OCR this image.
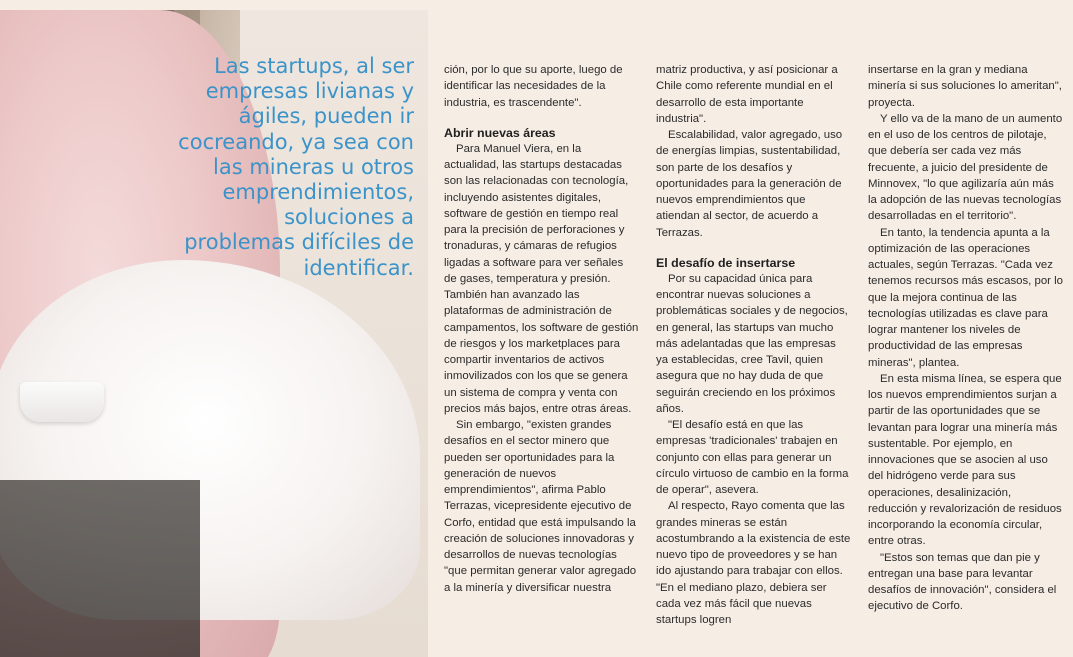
Las startups, al ser empresas livianas y ágiles, pueden ir cocreando, ya sea con las mineras u otros emprendimientos, soluciones a problemas difíciles de identificar.

ción, por lo que su aporte, luego de identificar las necesidades de la industria, es trascendente".

Abrir nuevas áreas

Para Manuel Viera, en la actualidad, las startups destacadas son las relacionadas con tecnología, incluyendo asistentes digitales, software de gestión en tiempo real para la precisión de perforaciones y tronaduras, y cámaras de refugios ligadas a software para ver señales de gases, temperatura y presión. También han avanzado las plataformas de administración de campamentos, los software de gestión de riesgos y los marketplaces para compartir inventarios de activos inmovilizados con los que se genera un sistema de compra y venta con precios más bajos, entre otras áreas.

Sin embargo, "existen grandes desafíos en el sector minero que pueden ser oportunidades para la generación de nuevos emprendimientos", afirma Pablo Terrazas, vicepresidente ejecutivo de Corfo, entidad que está impulsando la creación de soluciones innovadoras y desarrollos de nuevas tecnologías "que permitan generar valor agregado a la minería y diversificar nuestra

matriz productiva, y así posicionar a Chile como referente mundial en el desarrollo de esta importante industria".

Escalabilidad, valor agregado, uso de energías limpias, sustentabilidad, son parte de los desafíos y oportunidades para la generación de nuevos emprendimientos que atiendan al sector, de acuerdo a Terrazas.

El desafío de insertarse

Por su capacidad única para encontrar nuevas soluciones a problemáticas sociales y de negocios, en general, las startups van mucho más adelantadas que las empresas ya establecidas, cree Tavil, quien asegura que no hay duda de que seguirán creciendo en los próximos años.

"El desafío está en que las empresas 'tradicionales' trabajen en conjunto con ellas para generar un círculo virtuoso de cambio en la forma de operar", asevera.

Al respecto, Rayo comenta que las grandes mineras se están acostumbrando a la existencia de este nuevo tipo de proveedores y se han ido ajustando para trabajar con ellos. "En el mediano plazo, debiera ser cada vez más fácil que nuevas startups logren

insertarse en la gran y mediana minería si sus soluciones lo ameritan", proyecta.

Y ello va de la mano de un aumento en el uso de los centros de pilotaje, que debería ser cada vez más frecuente, a juicio del presidente de Minnovex, "lo que agilizaría aún más la adopción de las nuevas tecnologías desarrolladas en el territorio".

En tanto, la tendencia apunta a la optimización de las operaciones actuales, según Terrazas. "Cada vez tenemos recursos más escasos, por lo que la mejora continua de las tecnologías utilizadas es clave para lograr mantener los niveles de productividad de las empresas mineras", plantea.

En esta misma línea, se espera que los nuevos emprendimientos surjan a partir de las oportunidades que se levantan para lograr una minería más sustentable. Por ejemplo, en innovaciones que se asocien al uso del hidrógeno verde para sus operaciones, desalinización, reducción y revalorización de residuos incorporando la economía circular, entre otras.

"Estos son temas que dan pie y entregan una base para levantar desafíos de innovación", considera el ejecutivo de Corfo.
